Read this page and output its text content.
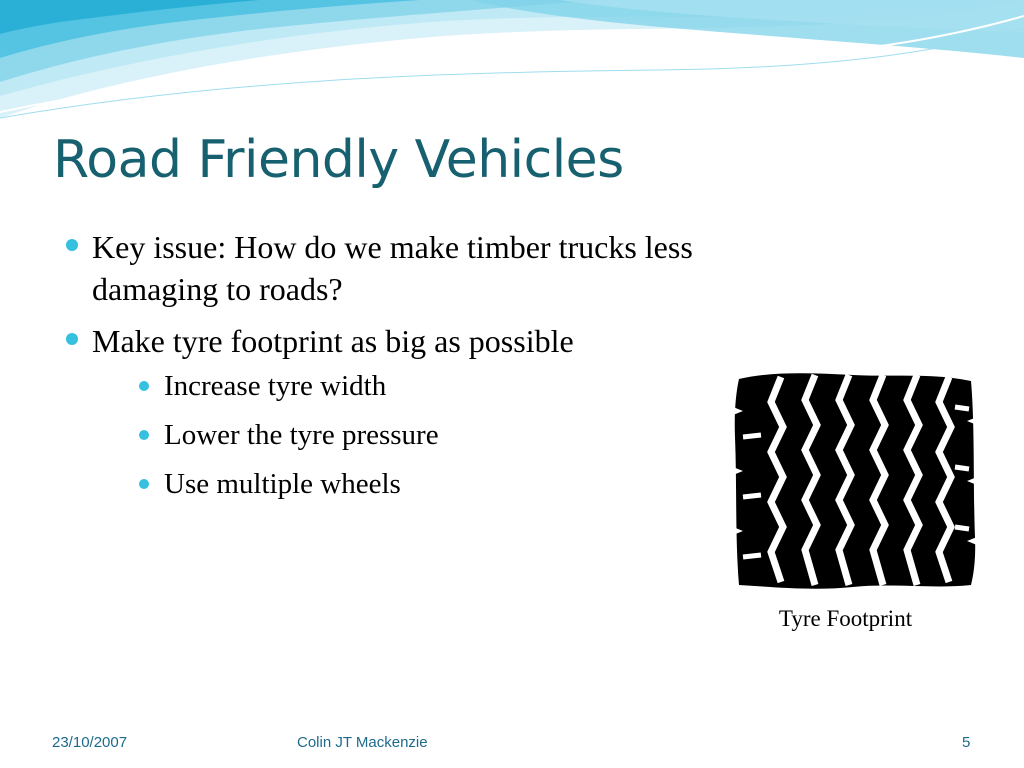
Road Friendly Vehicles
Key issue: How do we make timber trucks less damaging to roads?
Make tyre footprint as big as possible
Increase tyre width
Lower the tyre pressure
Use multiple wheels
Tyre Footprint
23/10/2007	Colin JT Mackenzie	5
